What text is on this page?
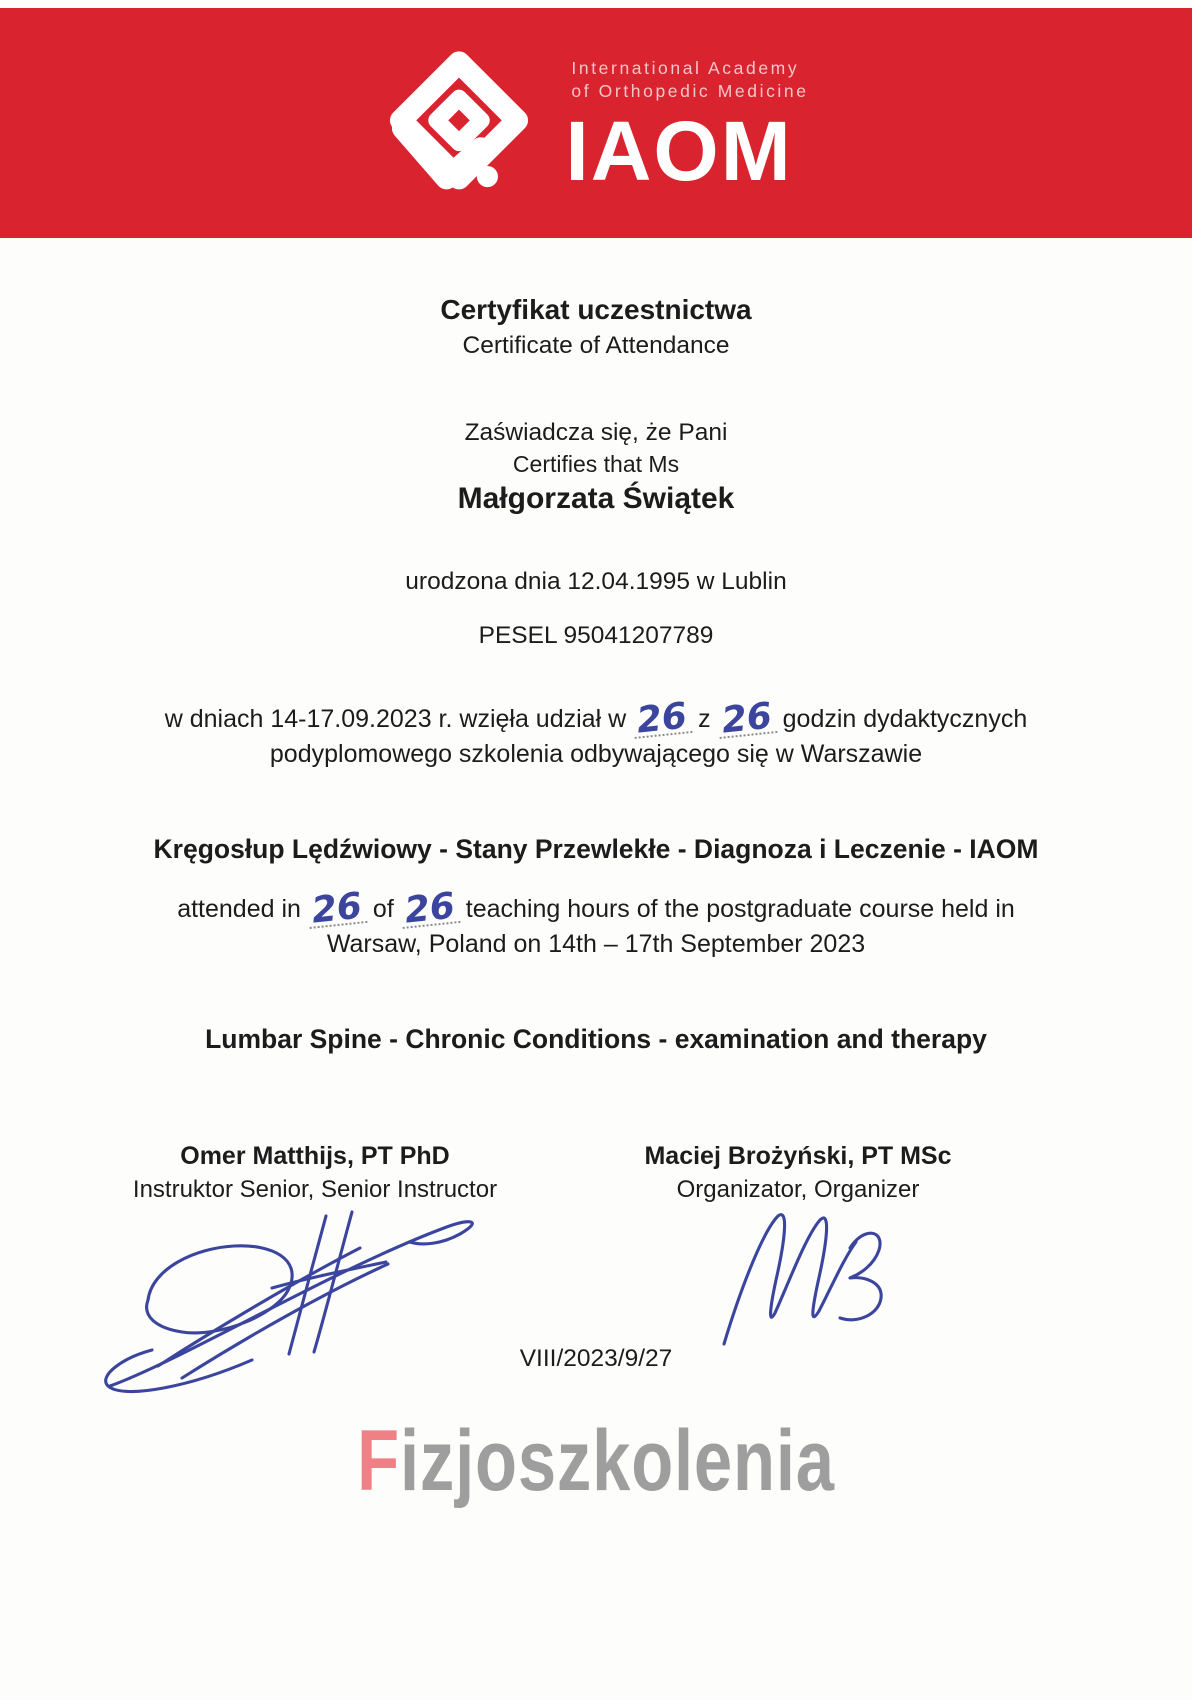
International Academy
of Orthopedic Medicine
IAOM
Certyfikat uczestnictwa
Certificate of Attendance
Zaświadcza się, że Pani
Certifies that Ms
Małgorzata Świątek
urodzona dnia 12.04.1995 w Lublin
PESEL 95041207789
w dniach 14-17.09.2023 r. wzięła udział w 26 z 26 godzin dydaktycznych
podyplomowego szkolenia odbywającego się w Warszawie
Kręgosłup Lędźwiowy - Stany Przewlekłe - Diagnoza i Leczenie - IAOM
attended in 26 of 26 teaching hours of the postgraduate course held in
Warsaw, Poland on 14th – 17th September 2023
Lumbar Spine - Chronic Conditions - examination and therapy
Omer Matthijs, PT PhD
Instruktor Senior, Senior Instructor
Maciej Brożyński, PT MSc
Organizator, Organizer
VIII/2023/9/27
Fizjoszkolenia
